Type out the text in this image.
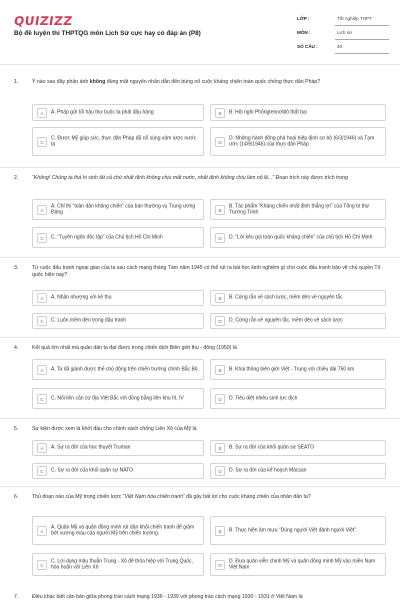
QUIZIZZ
Bộ đề luyện thi THPTQG môn Lịch Sử cực hay có đáp án (P8)
LỚP :	Tốt nghiệp THPT
MÔN :	Lịch sử
SỐ CÂU :	40
1.	Ý nào sau đây phản ánh không đúng mật nguyên nhân dẫn đến bùng nổ cuộc kháng chiến toàn quốc chống thực dân Pháp?
A	A. Pháp gửi tối hậu thư buộc ta phải đầu hàng	B	B. Hội nghị Phôngtennơblô thất bại
C
C. Được Mỹ giúp sức, thực dân Pháp đã nổ súng xâm lược nước ta	D
D. Những hành động phá hoại hiệp định sơ bộ (6/3/1946) và Tạm ước (14/9/1946) của thực dân Pháp
2.	“Không! Chúng ta thà hi sinh tất cả chứ nhất định không chịu mất nước, nhất định không chịu làm nô lệ...” Đoạn trích này được trích trong
A
A. Chỉ thị “toàn dân kháng chiến” của ban thường vụ Trung ương Đảng	B
B. Tác phẩm “Kháng chiến nhất định thắng lợi” của Tổng bí thư Trường Trinh
C	C. “Tuyên ngôn độc lập” của Chủ tịch Hồ Chí Minh	D	D. “Lời kêu gọi toàn quốc kháng chiến” của chủ tịch Hồ Chí Minh
3.	Từ cuộc đấu tranh ngoại giao của ta sau cách mạng tháng Tám năm 1945 có thể rút ra bài học kinh nghiệm gì cho cuộc đấu tranh bảo vệ chủ quyền Tổ quốc hiện nay?
A	A. Nhân nhượng với kẻ thù	B	B. Cứng rắn về sách lược, mềm dẻo về nguyên tắc
C	C. Luôn mềm dẻo trong đấu tranh	D	D. Cứng rắn về nguyên tắc, mềm dẻo về sách lược
4.	Kết quả lớn nhất mà quân dân ta đạt được trong chiến dịch Biên giới thu - đông (1950) là
A	A. Ta đã giành được thế chủ động trên chiến trường chính Bắc Bộ	B	B. Khai thông biên giới Việt - Trung với chiều dài 750 km
C	C. Nối liền căn cứ địa Việt Bắc với đồng bằng liên khu III, IV	D	D. Tiêu diệt nhiều sinh lực địch
5.	Sự kiện được xem là khởi đầu cho chính sách chống Liên Xô của Mỹ là
A	A. Sự ra đời của học thuyết Truman	B	B. Sự ra đời của khối quân sự SEATO
C	C. Sự ra đời của khối quân sự NATO	D	D. Sự ra đời của kế hoạch Mácsan
6.	Thủ đoạn nào của Mỹ trong chiến lược “Việt Nam hóa chiến tranh” đã gây bất lợi cho cuộc kháng chiến của nhân dân ta?
A
A. Quân Mỹ và quân đồng minh rút dần khỏi chiến tranh để giảm bớt xương máu của người Mỹ trên chiến trường.	B	B. Thực hiện âm mưu “Dùng người Việt đánh người Việt”.
C
C. Lợi dụng mâu thuẫn Trung - Xô để thỏa hiệp với Trung Quốc, hòa hoãn với Liên Xô	D
D. Đưa quân viễn chinh Mỹ và quân đồng minh Mỹ vào miền Nam Việt Nam
7.	Điều khác biệt căn bản giữa phong trào cách mạng 1936 - 1939 với phong trào cách mạng 1930 - 1931 ở Việt Nam là
